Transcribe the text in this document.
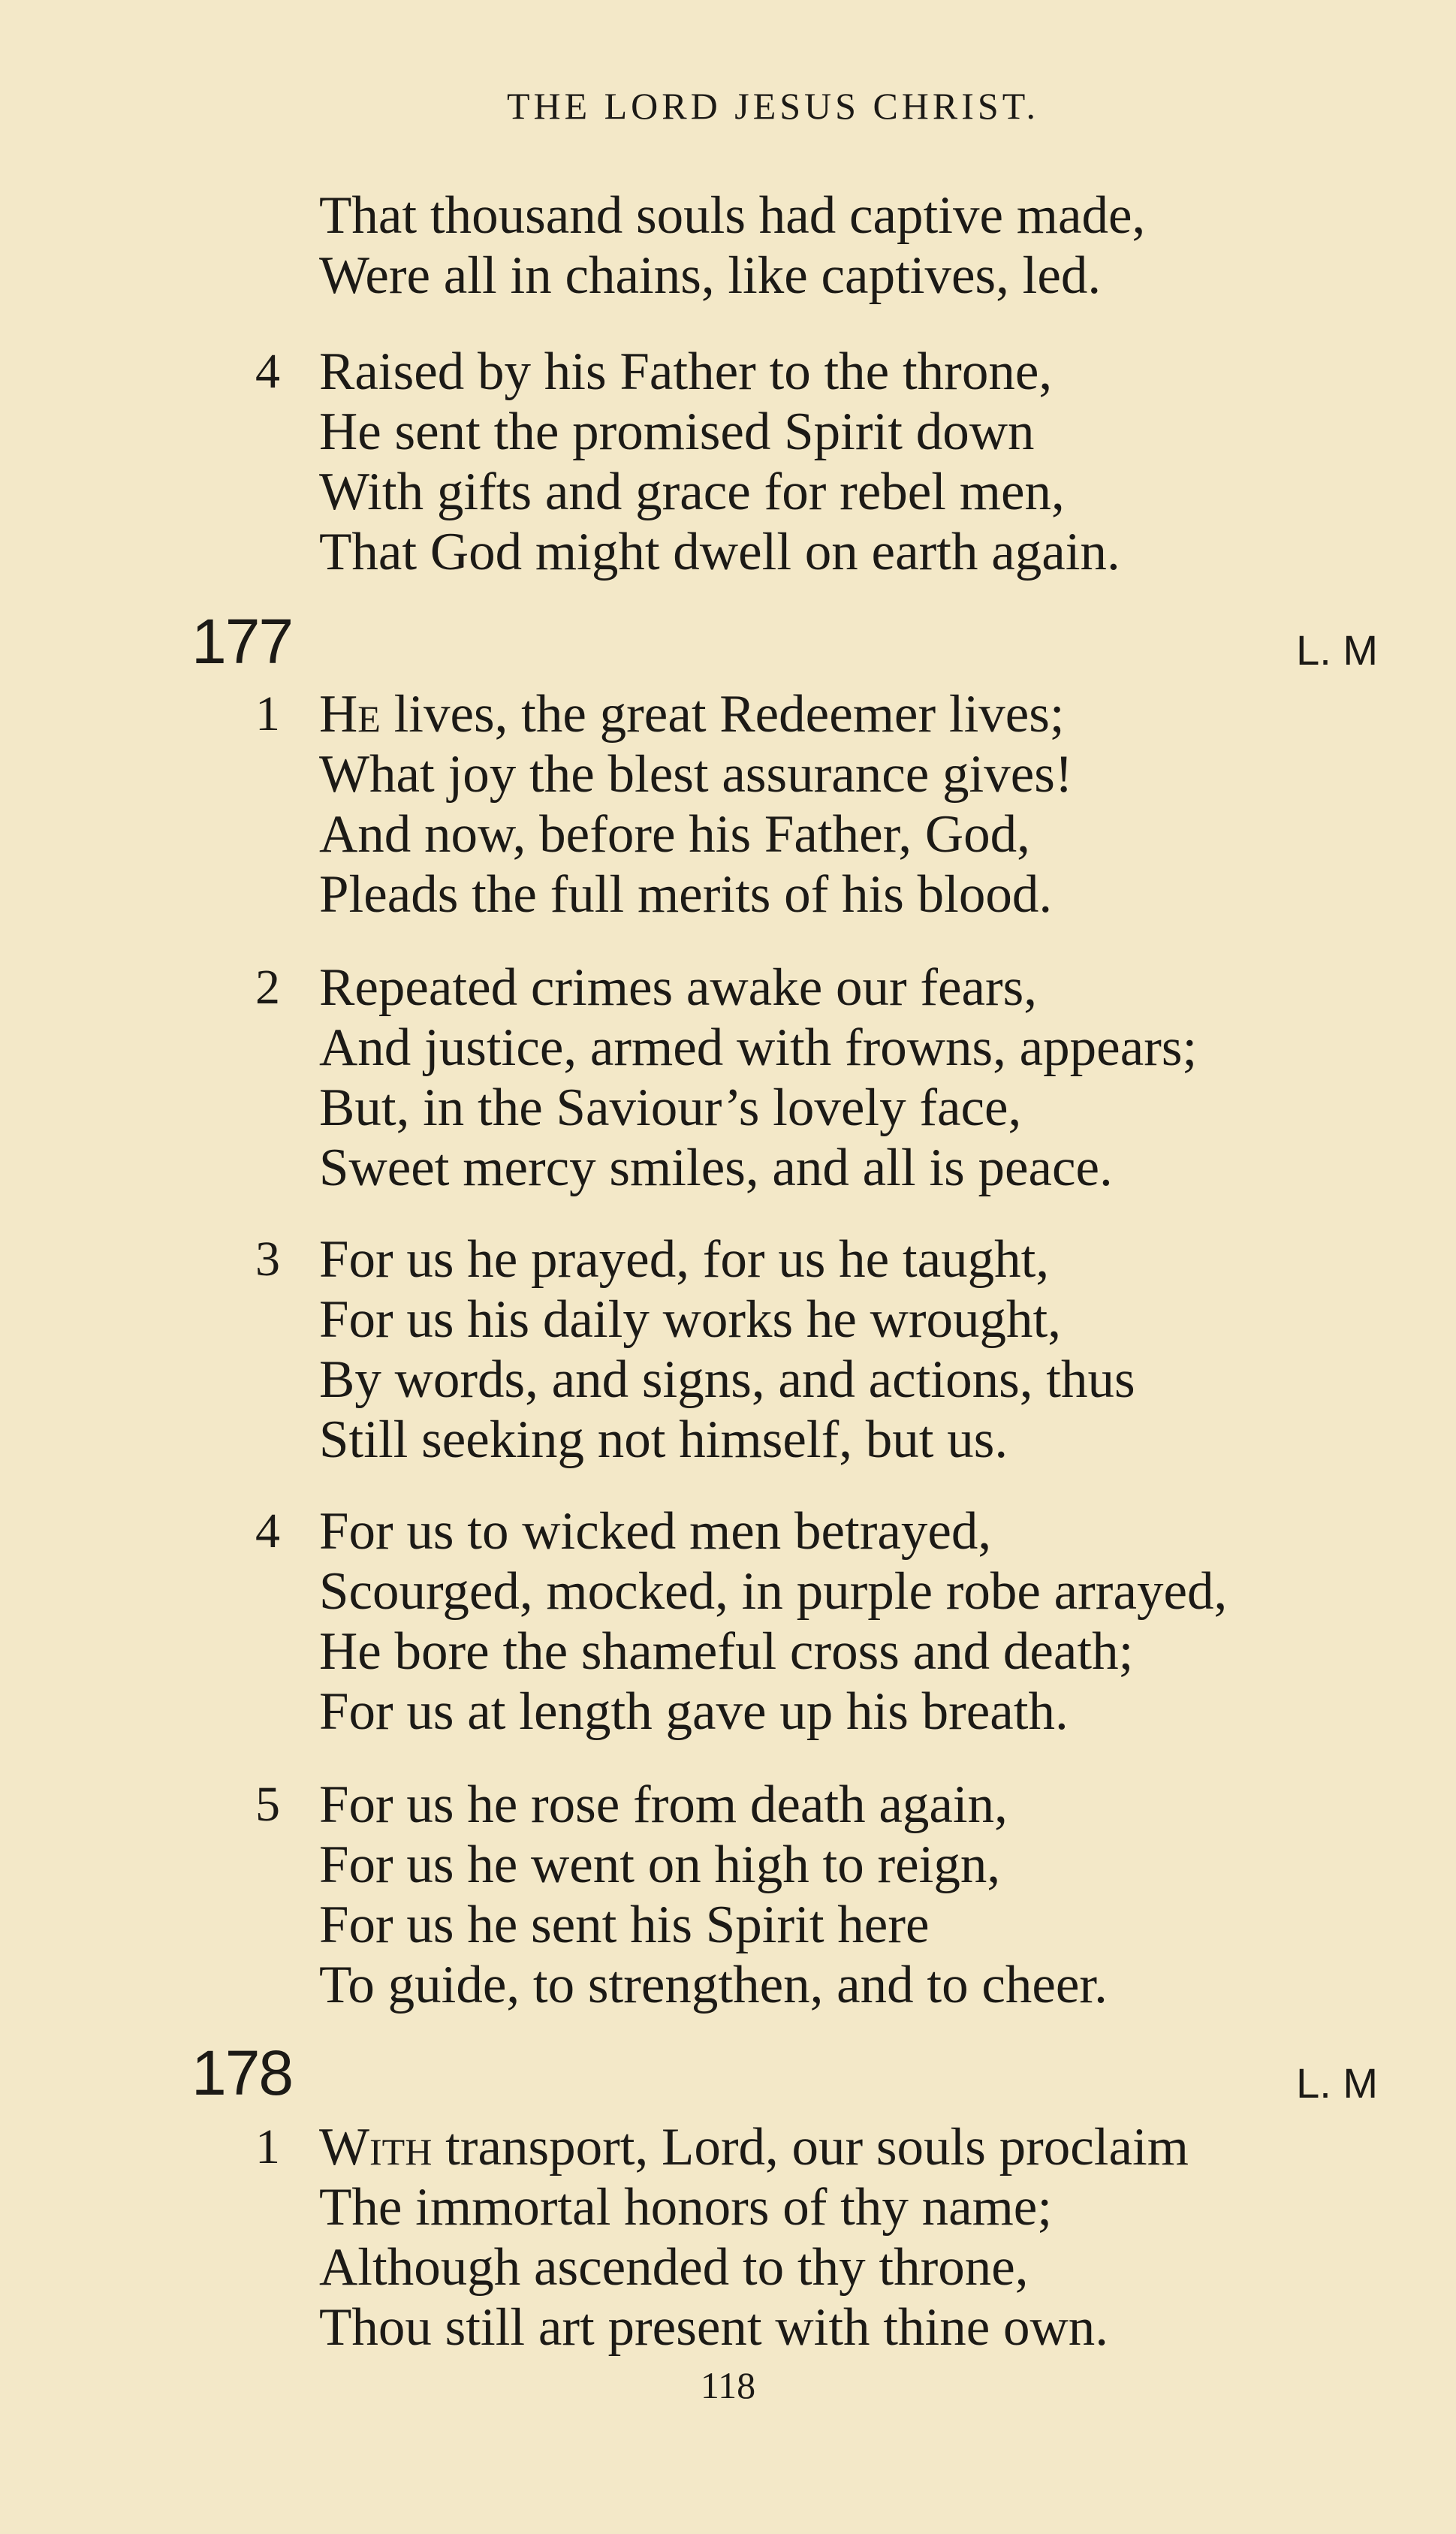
THE LORD JESUS CHRIST.
That thousand souls had captive made,
Were all in chains, like captives, led.
4 Raised by his Father to the throne,
He sent the promised Spirit down
With gifts and grace for rebel men,
That God might dwell on earth again.
177	L. M
1 He lives, the great Redeemer lives;
What joy the blest assurance gives!
And now, before his Father, God,
Pleads the full merits of his blood.
2 Repeated crimes awake our fears,
And justice, armed with frowns, appears;
But, in the Saviour’s lovely face,
Sweet mercy smiles, and all is peace.
3 For us he prayed, for us he taught,
For us his daily works he wrought,
By words, and signs, and actions, thus
Still seeking not himself, but us.
4 For us to wicked men betrayed,
Scourged, mocked, in purple robe arrayed,
He bore the shameful cross and death;
For us at length gave up his breath.
5 For us he rose from death again,
For us he went on high to reign,
For us he sent his Spirit here
To guide, to strengthen, and to cheer.
178	L. M
1 With transport, Lord, our souls proclaim
The immortal honors of thy name;
Although ascended to thy throne,
Thou still art present with thine own.
118
